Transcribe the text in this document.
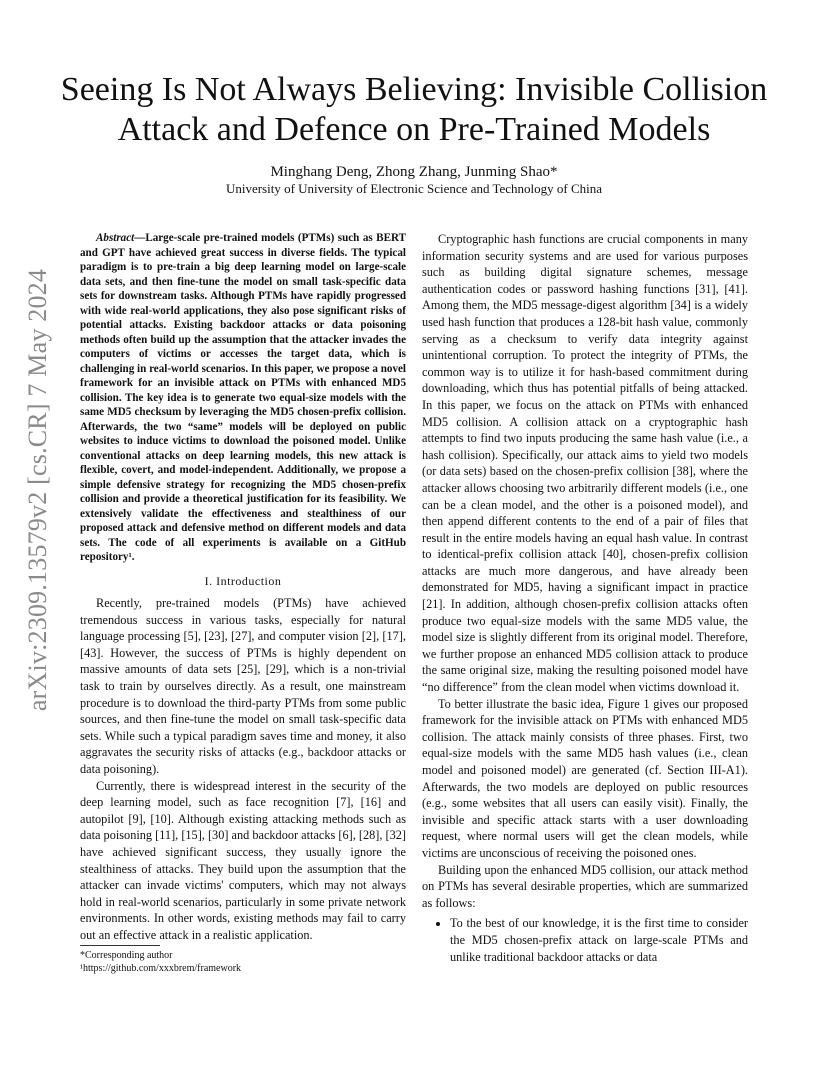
Seeing Is Not Always Believing: Invisible Collision Attack and Defence on Pre-Trained Models
Minghang Deng, Zhong Zhang, Junming Shao*
University of University of Electronic Science and Technology of China
arXiv:2309.13579v2 [cs.CR] 7 May 2024

Abstract—Large-scale pre-trained models (PTMs) such as BERT and GPT have achieved great success in diverse fields. The typical paradigm is to pre-train a big deep learning model on large-scale data sets, and then fine-tune the model on small task-specific data sets for downstream tasks. Although PTMs have rapidly progressed with wide real-world applications, they also pose significant risks of potential attacks. Existing backdoor attacks or data poisoning methods often build up the assumption that the attacker invades the computers of victims or accesses the target data, which is challenging in real-world scenarios. In this paper, we propose a novel framework for an invisible attack on PTMs with enhanced MD5 collision. The key idea is to generate two equal-size models with the same MD5 checksum by leveraging the MD5 chosen-prefix collision. Afterwards, the two “same” models will be deployed on public websites to induce victims to download the poisoned model. Unlike conventional attacks on deep learning models, this new attack is flexible, covert, and model-independent. Additionally, we propose a simple defensive strategy for recognizing the MD5 chosen-prefix collision and provide a theoretical justification for its feasibility. We extensively validate the effectiveness and stealthiness of our proposed attack and defensive method on different models and data sets. The code of all experiments is available on a GitHub repository¹.

I. Introduction

Recently, pre-trained models (PTMs) have achieved tremendous success in various tasks, especially for natural language processing [5], [23], [27], and computer vision [2], [17], [43]. However, the success of PTMs is highly dependent on massive amounts of data sets [25], [29], which is a non-trivial task to train by ourselves directly. As a result, one mainstream procedure is to download the third-party PTMs from some public sources, and then fine-tune the model on small task-specific data sets. While such a typical paradigm saves time and money, it also aggravates the security risks of attacks (e.g., backdoor attacks or data poisoning).

Currently, there is widespread interest in the security of the deep learning model, such as face recognition [7], [16] and autopilot [9], [10]. Although existing attacking methods such as data poisoning [11], [15], [30] and backdoor attacks [6], [28], [32] have achieved significant success, they usually ignore the stealthiness of attacks. They build upon the assumption that the attacker can invade victims' computers, which may not always hold in real-world scenarios, particularly in some private network environments. In other words, existing methods may fail to carry out an effective attack in a realistic application.

*Corresponding author
¹https://github.com/xxxbrem/framework

Cryptographic hash functions are crucial components in many information security systems and are used for various purposes such as building digital signature schemes, message authentication codes or password hashing functions [31], [41]. Among them, the MD5 message-digest algorithm [34] is a widely used hash function that produces a 128-bit hash value, commonly serving as a checksum to verify data integrity against unintentional corruption. To protect the integrity of PTMs, the common way is to utilize it for hash-based commitment during downloading, which thus has potential pitfalls of being attacked. In this paper, we focus on the attack on PTMs with enhanced MD5 collision. A collision attack on a cryptographic hash attempts to find two inputs producing the same hash value (i.e., a hash collision). Specifically, our attack aims to yield two models (or data sets) based on the chosen-prefix collision [38], where the attacker allows choosing two arbitrarily different models (i.e., one can be a clean model, and the other is a poisoned model), and then append different contents to the end of a pair of files that result in the entire models having an equal hash value. In contrast to identical-prefix collision attack [40], chosen-prefix collision attacks are much more dangerous, and have already been demonstrated for MD5, having a significant impact in practice [21]. In addition, although chosen-prefix collision attacks often produce two equal-size models with the same MD5 value, the model size is slightly different from its original model. Therefore, we further propose an enhanced MD5 collision attack to produce the same original size, making the resulting poisoned model have “no difference” from the clean model when victims download it.

To better illustrate the basic idea, Figure 1 gives our proposed framework for the invisible attack on PTMs with enhanced MD5 collision. The attack mainly consists of three phases. First, two equal-size models with the same MD5 hash values (i.e., clean model and poisoned model) are generated (cf. Section III-A1). Afterwards, the two models are deployed on public resources (e.g., some websites that all users can easily visit). Finally, the invisible and specific attack starts with a user downloading request, where normal users will get the clean models, while victims are unconscious of receiving the poisoned ones.

Building upon the enhanced MD5 collision, our attack method on PTMs has several desirable properties, which are summarized as follows:

• To the best of our knowledge, it is the first time to consider the MD5 chosen-prefix attack on large-scale PTMs and unlike traditional backdoor attacks or data
